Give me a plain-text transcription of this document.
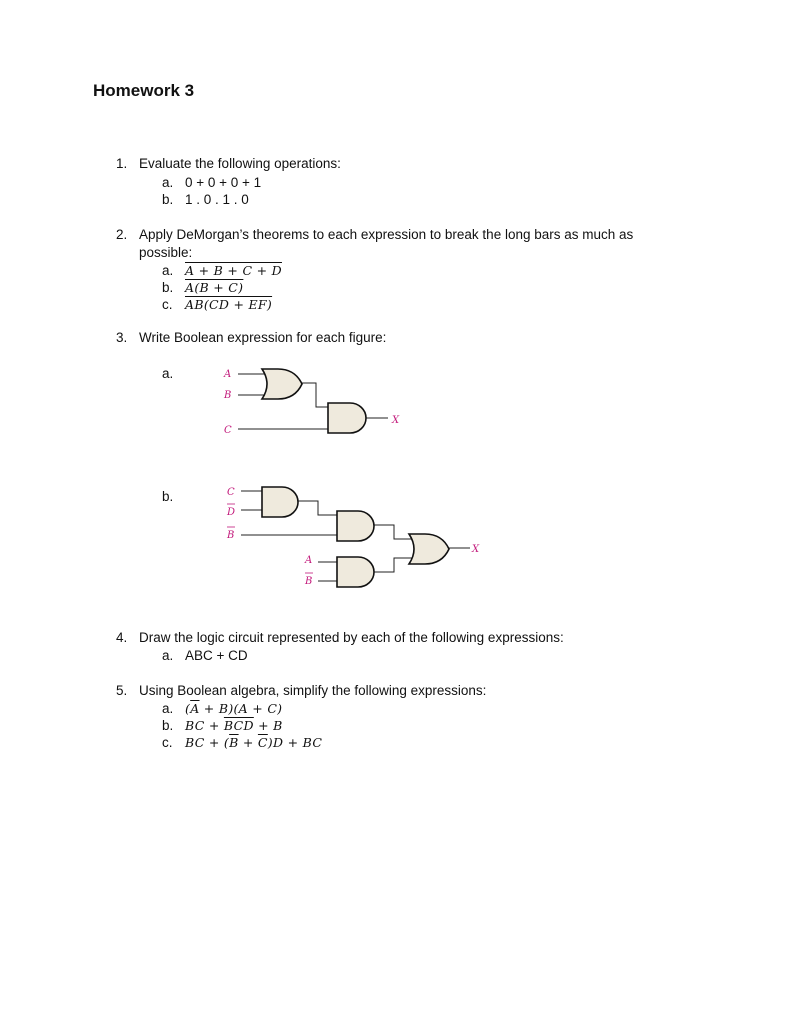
Homework 3
1. Evaluate the following operations:
a. 0 + 0 + 0 + 1
b. 1 . 0 . 1 . 0
2. Apply DeMorgan’s theorems to each expression to break the long bars as much as
possible:
a. A + B + C + D
b. A(B + C)
c. AB(CD + EF)
3. Write Boolean expression for each figure:
a.	A
B
C
X
b.	C
D
B
A
B
X
4. Draw the logic circuit represented by each of the following expressions:
a. ABC + CD
5. Using Boolean algebra, simplify the following expressions:
a. $(\overline{A} + B)(A + C)$
b. BC + $\overline{BCD} + B$
c. BC + $(\overline{B} + \overline{C})D$ + BC
